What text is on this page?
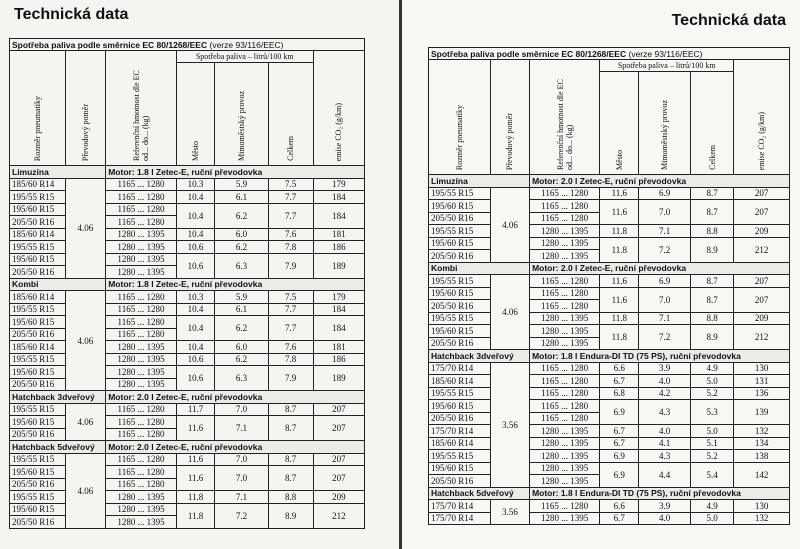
Technická data
Spotřeba paliva podle směrnice EC 80/1268/EEC (verze 93/116/EEC)						

Rozměr pneumatiky	Převodový poměr	Referenční hmotnost dle EC od... do... (kg)	Spotřeba paliva – litrů/100 km			emise CO₂ (g/km)

			Město	Mimoměstský provoz	Celkem	

Limuzína		Motor: 1.8 l Zetec-E, ruční převodovka				
185/60 R14	4.06	1165 ... 1280	10.3	5.9	7.5	179
195/55 R15		1165 ... 1280	10.4	6.1	7.7	184
195/60 R15		1165 ... 1280	10.4	6.2	7.7	184
205/50 R16		1165 ... 1280				
185/60 R14		1280 ... 1395	10.4	6.0	7.6	181
195/55 R15		1280 ... 1395	10.6	6.2	7.8	186
195/60 R15		1280 ... 1395	10.6	6.3	7.9	189
205/50 R16		1280 ... 1395				
Kombi		Motor: 1.8 l Zetec-E, ruční převodovka				
185/60 R14	4.06	1165 ... 1280	10.3	5.9	7.5	179
195/55 R15		1165 ... 1280	10.4	6.1	7.7	184
195/60 R15		1165 ... 1280	10.4	6.2	7.7	184
205/50 R16		1165 ... 1280				
185/60 R14		1280 ... 1395	10.4	6.0	7.6	181
195/55 R15		1280 ... 1395	10.6	6.2	7.8	186
195/60 R15		1280 ... 1395	10.6	6.3	7.9	189
205/50 R16		1280 ... 1395				
Hatchback 3dveřový		Motor: 2.0 l Zetec-E, ruční převodovka				
195/55 R15	4.06	1165 ... 1280	11.7	7.0	8.7	207
195/60 R15		1165 ... 1280	11.6	7.1	8.7	207
205/50 R16		1165 ... 1280				
Hatchback 5dveřový		Motor: 2.0 l Zetec-E, ruční převodovka				
195/55 R15	4.06	1165 ... 1280	11.6	7.0	8.7	207
195/60 R15		1165 ... 1280	11.6	7.0	8.7	207
205/50 R16		1165 ... 1280				
195/55 R15		1280 ... 1395	11.8	7.1	8.8	209
195/60 R15		1280 ... 1395	11.8	7.2	8.9	212
205/50 R16		1280 ... 1395				
Technická data
Spotřeba paliva podle směrnice EC 80/1268/EEC (verze 93/116/EEC)						

Rozměr pneumatiky	Převodový poměr	Referenční hmotnost dle EC od... do... (kg)	Spotřeba paliva – litrů/100 km			emise CO₂ (g/km)

			Město	Mimoměstský provoz	Celkem	

Limuzína		Motor: 2.0 l Zetec-E, ruční převodovka				
195/55 R15	4.06	1165 ... 1280	11.6	6.9	8.7	207
195/60 R15		1165 ... 1280	11.6	7.0	8.7	207
205/50 R16		1165 ... 1280				
195/55 R15		1280 ... 1395	11.8	7.1	8.8	209
195/60 R15		1280 ... 1395	11.8	7.2	8.9	212
205/50 R16		1280 ... 1395				
Kombi		Motor: 2.0 l Zetec-E, ruční převodovka				
195/55 R15	4.06	1165 ... 1280	11.6	6.9	8.7	207
195/60 R15		1165 ... 1280	11.6	7.0	8.7	207
205/50 R16		1165 ... 1280				
195/55 R15		1280 ... 1395	11.8	7.1	8.8	209
195/60 R15		1280 ... 1395	11.8	7.2	8.9	212
205/50 R16		1280 ... 1395				
Hatchback 3dveřový		Motor: 1.8 l Endura-DI TD (75 PS), ruční převodovka				
175/70 R14	3.56	1165 ... 1280	6.6	3.9	4.9	130
185/60 R14		1165 ... 1280	6.7	4.0	5.0	131
195/55 R15		1165 ... 1280	6.8	4.2	5.2	136
195/60 R15		1165 ... 1280	6.9	4.3	5.3	139
205/50 R16		1165 ... 1280				
175/70 R14		1280 ... 1395	6.7	4.0	5.0	132
185/60 R14		1280 ... 1395	6.7	4.1	5.1	134
195/55 R15		1280 ... 1395	6.9	4.3	5.2	138
195/60 R15		1280 ... 1395	6.9	4.4	5.4	142
205/50 R16		1280 ... 1395				
Hatchback 5dveřový		Motor: 1.8 l Endura-DI TD (75 PS), ruční převodovka				
175/70 R14	3.56	1165 ... 1280	6.6	3.9	4.9	130
175/70 R14		1280 ... 1395	6.7	4.0	5.0	132
